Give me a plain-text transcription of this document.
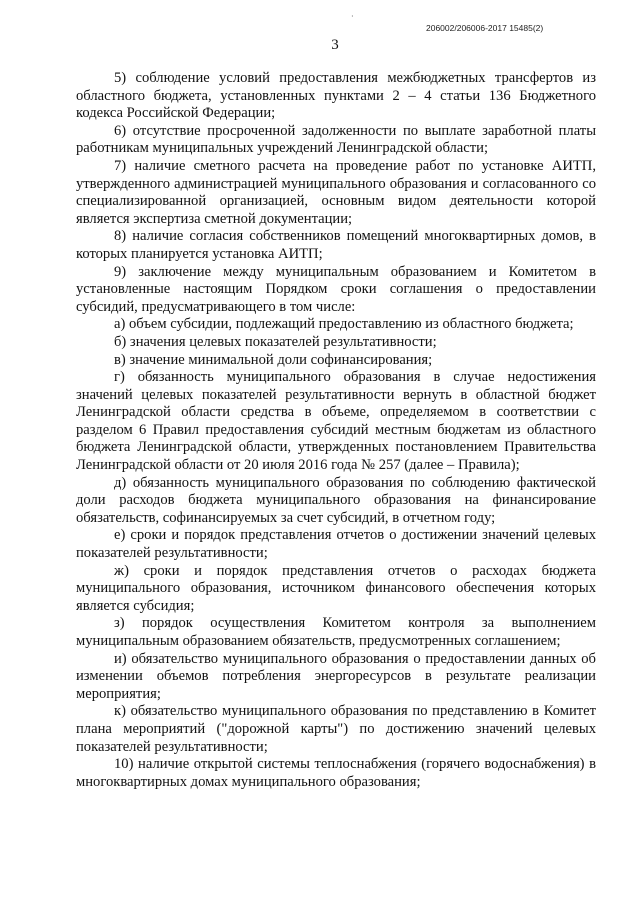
·
206002/206006-2017 15485(2)
3

5) соблюдение условий предоставления межбюджетных трансфертов из областного бюджета, установленных пунктами 2 – 4 статьи 136 Бюджетного кодекса Российской Федерации;

6) отсутствие просроченной задолженности по выплате заработной платы работникам муниципальных учреждений Ленинградской области;

7) наличие сметного расчета на проведение работ по установке АИТП, утвержденного администрацией муниципального образования и согласованного со специализированной организацией, основным видом деятельности которой является экспертиза сметной документации;

8) наличие согласия собственников помещений многоквартирных домов, в которых планируется установка АИТП;

9) заключение между муниципальным образованием и Комитетом в установленные настоящим Порядком сроки соглашения о предоставлении субсидий, предусматривающего в том числе:

а) объем субсидии, подлежащий предоставлению из областного бюджета;

б) значения целевых показателей результативности;

в) значение минимальной доли софинансирования;

г) обязанность муниципального образования в случае недостижения значений целевых показателей результативности вернуть в областной бюджет Ленинградской области средства в объеме, определяемом в соответствии с разделом 6 Правил предоставления субсидий местным бюджетам из областного бюджета Ленинградской области, утвержденных постановлением Правительства Ленинградской области от 20 июля 2016 года № 257 (далее – Правила);

д) обязанность муниципального образования по соблюдению фактической доли расходов бюджета муниципального образования на финансирование обязательств, софинансируемых за счет субсидий, в отчетном году;

е) сроки и порядок представления отчетов о достижении значений целевых показателей результативности;

ж) сроки и порядок представления отчетов о расходах бюджета муниципального образования, источником финансового обеспечения которых является субсидия;

з) порядок осуществления Комитетом контроля за выполнением муниципальным образованием обязательств, предусмотренных соглашением;

и) обязательство муниципального образования о предоставлении данных об изменении объемов потребления энергоресурсов в результате реализации мероприятия;

к) обязательство муниципального образования по представлению в Комитет плана мероприятий ("дорожной карты") по достижению значений целевых показателей результативности;

10) наличие открытой системы теплоснабжения (горячего водоснабжения) в многоквартирных домах муниципального образования;
